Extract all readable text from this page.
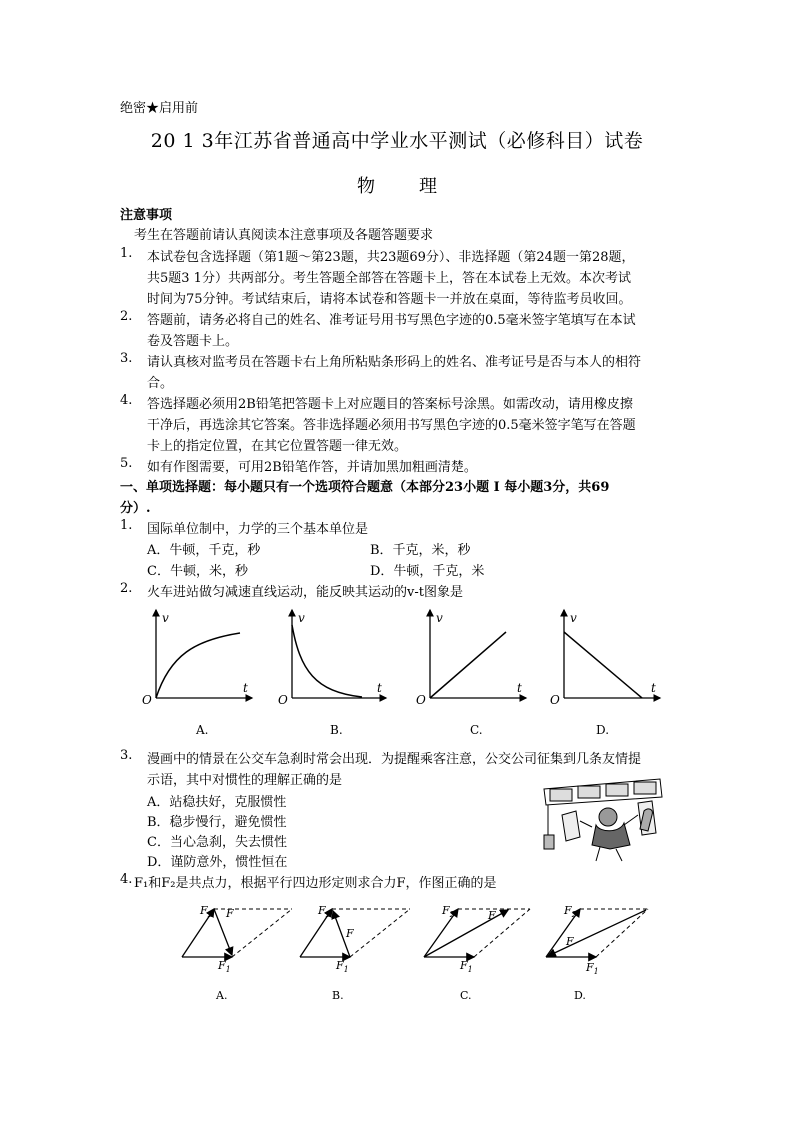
绝密★启用前
20 1 3年江苏省普通高中学业水平测试（必修科目）试卷
物 理
注意事项
考生在答题前请认真阅读本注意事项及各题答题要求
1. 本试卷包含选择题（第1题～第23题，共23题69分）、非选择题（第24题一第28题，
共5题3 1分）共两部分。考生答题全部答在答题卡上，答在本试卷上无效。本次考试
时间为75分钟。考试结束后，请将本试卷和答题卡一并放在桌面，等待监考员收回。
2. 答题前，请务必将自己的姓名、准考证号用书写黑色字迹的0.5毫米签字笔填写在本试
卷及答题卡上。
3. 请认真核对监考员在答题卡右上角所粘贴条形码上的姓名、准考证号是否与本人的相符
合。
4. 答选择题必须用2B铅笔把答题卡上对应题目的答案标号涂黑。如需改动，请用橡皮擦
干净后，再选涂其它答案。答非选择题必须用书写黑色字迹的0.5毫米签字笔写在答题
卡上的指定位置，在其它位置答题一律无效。
5. 如有作图需要，可用2B铅笔作答，并请加黑加粗画清楚。
一、单项选择题：每小题只有一个选项符合题意（本部分23小题 I 每小题3分，共69
分）.
1. 国际单位制中，力学的三个基本单位是
A．牛顿，千克，秒	B．千克，米，秒
C．牛顿，米，秒	D．牛顿，千克，米
2. 火车进站做匀减速直线运动，能反映其运动的v-t图象是
v
t
O
A.
v
t
O
B.
v
t
O
C.
v
t
O
D.
3. 漫画中的情景在公交车急刹时常会出现．为提醒乘客注意，公交公司征集到几条友情提
示语，其中对惯性的理解正确的是
A．站稳扶好，克服惯性
B．稳步慢行，避免惯性
C．当心急刹，失去惯性
D．谨防意外，惯性恒在
4. F₁和F₂是共点力，根据平行四边形定则求合力F，作图正确的是
$F_2$ F
$F_1$
A.
$F_2$
F
$F_1$
B.
$F_2$	F
$F_1$
C.
$F_2$
F
$F_1$
D.
